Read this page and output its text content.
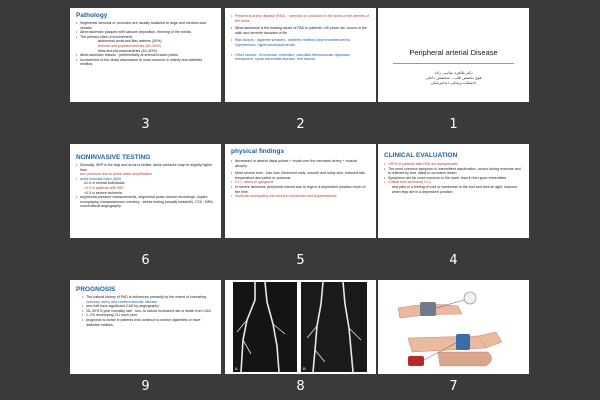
Pathology
• Segmental stenosis or occlusion are usually localized to large and medium-size vessels
• Atherosclerotic plaques with calcium deposition, thinning of the media,
• The primary sites of involvement:
abdominal aorta and iliac arteries (30%)
femoral and popliteal arteries (80–90%)
tibial and peroneal arteries (40–50%)
• Atherosclerotic lesions : preferentially at arterial branch points
• Involvement of the distal vasculature is most common in elderly and diabetes mellitus.
3
• Peripheral artery disease (PAD), : stenosis or occlusion in the aorta or the arteries of the limbs.
• Atherosclerosis is the leading cause of PAD in patients >40 years old. occurs in the sixth and seventh decades of life
• Risk factors : cigarette smokers , diabetes mellitus,hypercholesterolemia, hypertension, hyperhomocysteinemia.
• Other causes : thrombosis, embolism, vasculitis,fibromuscular dysplasia, entrapment, cystic adventitial disease, and trauma.
2
Peripheral arterial Disease
دکتر طاهره عباسی زاده
فوق تخصص قلب – متخصص داخلی
دانشکده پزشکی دندانپزشکی
1
NONINVASIVE TESTING
• Normally, SBP in the legs and arms is similar. ankle pressure may be slightly higher than
arm pressure due to pulse-wave amplification
• ankle:brachial index (ABI)
≥1.0 in normal individuals
<0.9 in patients with PAD
<0.5 in severe ischemia
• segmental pressure measurements, segmental pulse volume recordings, duplex sonography, transcutaneous oximetry , stress testing (usually treadmill), CTA , MRA , conventional angiography
6
physical findings
• decreased or absent distal pulses + bruits over the narrowed artery + muscle atrophy
• More severe form : hair loss, thickened nails, smooth and shiny skin, reduced skin temperature,and pallor or cyanosis
• CLI : ulcers or gangrene
• In severe ischemia: peripheral edema due to legs in a dependent position much of the time.
• Ischemic neuropathy can result in numbness and hyperesthesia
5
CLINICAL EVALUATION
• <50% of patients with PAD are symptomatic
• The most common symptom is intermittent claudication ,occurs during exercise and is relieved by rest. distal to occlusive lesion
• Symptoms are far more common in the lower than in the upper extremities
• Critical limb ischemia( CLI)
rest pain or a feeling of cold or numbness in the foot and toes at night, improve when legs are in a dependent position
4
PROGNOSIS
• The natural history of PAD is influenced primarily by the extent of coexisting
coronary artery and cerebrovascular disease
• one-half have significant CAD by angiography
• 15–30% 5-year mortality rate , two- to sixfold increased risk of death from CAD
• 1–2% developing CLI each year
• prognosis is worse in patients who continue to smoke cigarettes or have diabetes mellitus.
9
A	B
8	7
